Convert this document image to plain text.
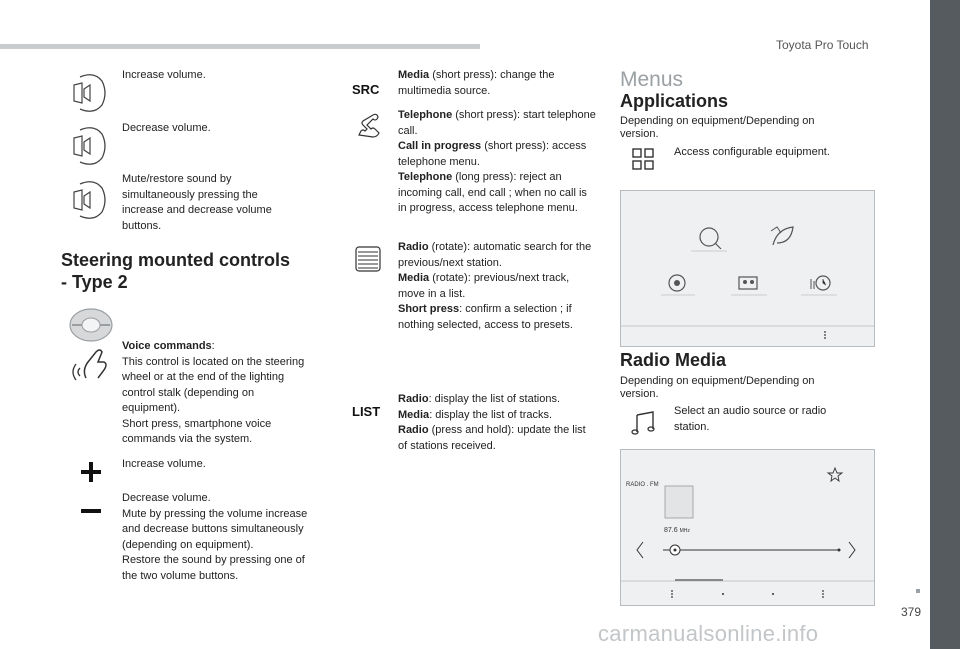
Toyota Pro Touch
Increase volume.
Decrease volume.
Mute/restore sound by simultaneously pressing the increase and decrease volume buttons.
Steering mounted controls
- Type 2
Voice commands:
This control is located on the steering wheel or at the end of the lighting control stalk (depending on equipment).
Short press, smartphone voice commands via the system.
Increase volume.
Decrease volume.
Mute by pressing the volume increase and decrease buttons simultaneously (depending on equipment).
Restore the sound by pressing one of the two volume buttons.
SRC
Media (short press): change the multimedia source.
Telephone (short press): start telephone call.
Call in progress (short press): access telephone menu.
Telephone (long press): reject an incoming call, end call ; when no call is in progress, access telephone menu.
Radio (rotate): automatic search for the previous/next station.
Media (rotate): previous/next track, move in a list.
Short press: confirm a selection ; if nothing selected, access to presets.
LIST
Radio: display the list of stations.
Media: display the list of tracks.
Radio (press and hold): update the list of stations received.
Menus
Applications
Depending on equipment/Depending on version.
Access configurable equipment.
Radio Media
Depending on equipment/Depending on version.
Select an audio source or radio station.
RADIO . FM
87.6 MHz
379
carmanualsonline.info
